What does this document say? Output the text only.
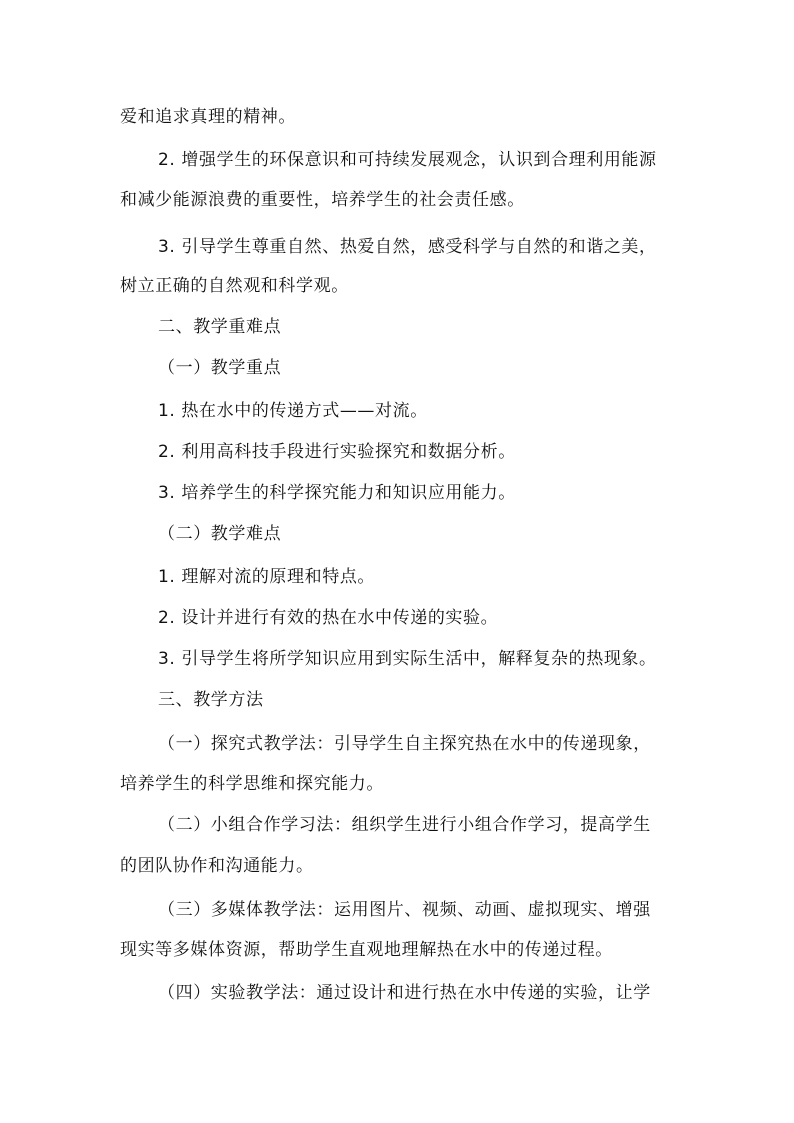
爱和追求真理的精神。
2. 增强学生的环保意识和可持续发展观念，认识到合理利用能源
和减少能源浪费的重要性，培养学生的社会责任感。
3. 引导学生尊重自然、热爱自然，感受科学与自然的和谐之美，
树立正确的自然观和科学观。
二、教学重难点
（一）教学重点
1. 热在水中的传递方式——对流。
2. 利用高科技手段进行实验探究和数据分析。
3. 培养学生的科学探究能力和知识应用能力。
（二）教学难点
1. 理解对流的原理和特点。
2. 设计并进行有效的热在水中传递的实验。
3. 引导学生将所学知识应用到实际生活中，解释复杂的热现象。
三、教学方法
（一）探究式教学法：引导学生自主探究热在水中的传递现象，
培养学生的科学思维和探究能力。
（二）小组合作学习法：组织学生进行小组合作学习，提高学生
的团队协作和沟通能力。
（三）多媒体教学法：运用图片、视频、动画、虚拟现实、增强
现实等多媒体资源，帮助学生直观地理解热在水中的传递过程。
（四）实验教学法：通过设计和进行热在水中传递的实验，让学
